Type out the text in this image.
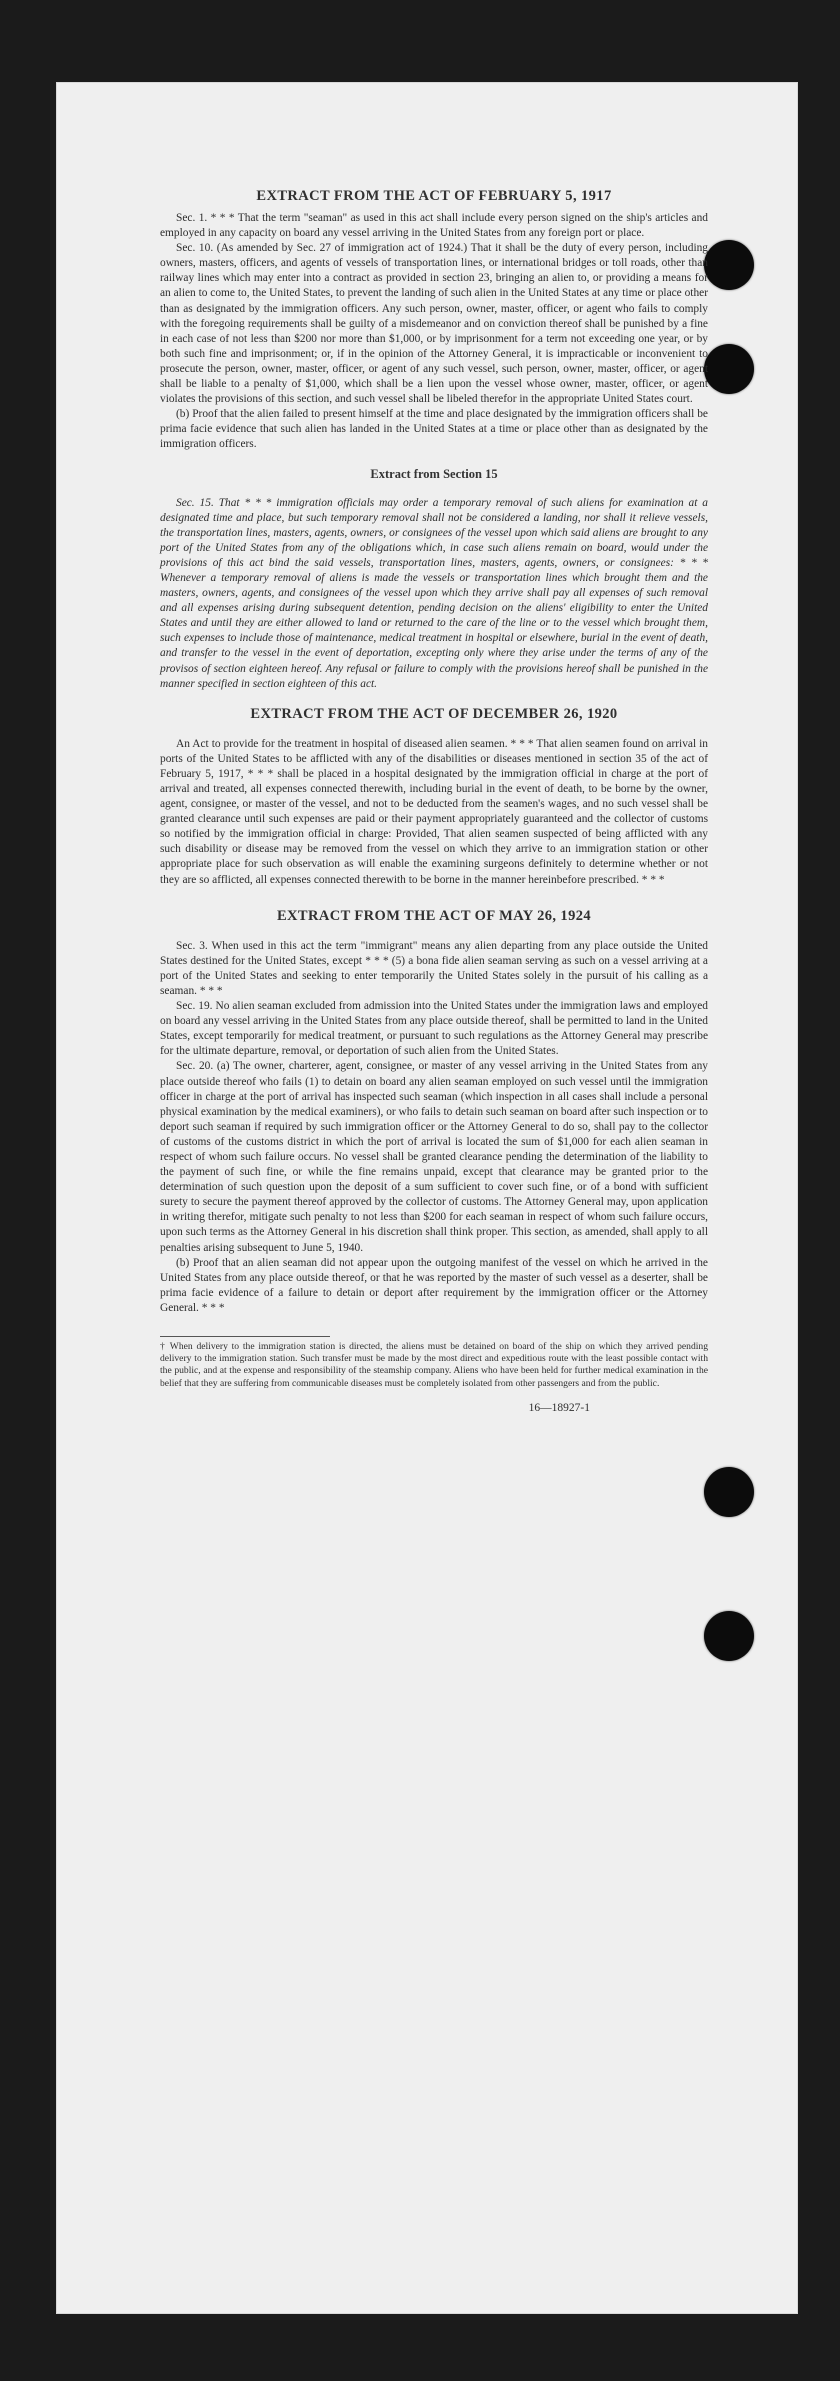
EXTRACT FROM THE ACT OF FEBRUARY 5, 1917

Sec. 1. * * * That the term "seaman" as used in this act shall include every person signed on the ship's articles and employed in any capacity on board any vessel arriving in the United States from any foreign port or place.

Sec. 10. (As amended by Sec. 27 of immigration act of 1924.) That it shall be the duty of every person, including owners, masters, officers, and agents of vessels of transportation lines, or international bridges or toll roads, other than railway lines which may enter into a contract as provided in section 23, bringing an alien to, or providing a means for an alien to come to, the United States, to prevent the landing of such alien in the United States at any time or place other than as designated by the immigration officers. Any such person, owner, master, officer, or agent who fails to comply with the foregoing requirements shall be guilty of a misdemeanor and on conviction thereof shall be punished by a fine in each case of not less than $200 nor more than $1,000, or by imprisonment for a term not exceeding one year, or by both such fine and imprisonment; or, if in the opinion of the Attorney General, it is impracticable or inconvenient to prosecute the person, owner, master, officer, or agent of any such vessel, such person, owner, master, officer, or agent shall be liable to a penalty of $1,000, which shall be a lien upon the vessel whose owner, master, officer, or agent violates the provisions of this section, and such vessel shall be libeled therefor in the appropriate United States court.

(b) Proof that the alien failed to present himself at the time and place designated by the immigration officers shall be prima facie evidence that such alien has landed in the United States at a time or place other than as designated by the immigration officers.

Extract from Section 15

Sec. 15. That * * * immigration officials may order a temporary removal of such aliens for examination at a designated time and place, but such temporary removal shall not be considered a landing, nor shall it relieve vessels, the transportation lines, masters, agents, owners, or consignees of the vessel upon which said aliens are brought to any port of the United States from any of the obligations which, in case such aliens remain on board, would under the provisions of this act bind the said vessels, transportation lines, masters, agents, owners, or consignees: * * * Whenever a temporary removal of aliens is made the vessels or transportation lines which brought them and the masters, owners, agents, and consignees of the vessel upon which they arrive shall pay all expenses of such removal and all expenses arising during subsequent detention, pending decision on the aliens' eligibility to enter the United States and until they are either allowed to land or returned to the care of the line or to the vessel which brought them, such expenses to include those of maintenance, medical treatment in hospital or elsewhere, burial in the event of death, and transfer to the vessel in the event of deportation, excepting only where they arise under the terms of any of the provisos of section eighteen hereof. Any refusal or failure to comply with the provisions hereof shall be punished in the manner specified in section eighteen of this act.

EXTRACT FROM THE ACT OF DECEMBER 26, 1920

An Act to provide for the treatment in hospital of diseased alien seamen. * * * That alien seamen found on arrival in ports of the United States to be afflicted with any of the disabilities or diseases mentioned in section 35 of the act of February 5, 1917, * * * shall be placed in a hospital designated by the immigration official in charge at the port of arrival and treated, all expenses connected therewith, including burial in the event of death, to be borne by the owner, agent, consignee, or master of the vessel, and not to be deducted from the seamen's wages, and no such vessel shall be granted clearance until such expenses are paid or their payment appropriately guaranteed and the collector of customs so notified by the immigration official in charge: Provided, That alien seamen suspected of being afflicted with any such disability or disease may be removed from the vessel on which they arrive to an immigration station or other appropriate place for such observation as will enable the examining surgeons definitely to determine whether or not they are so afflicted, all expenses connected therewith to be borne in the manner hereinbefore prescribed. * * *

EXTRACT FROM THE ACT OF MAY 26, 1924

Sec. 3. When used in this act the term "immigrant" means any alien departing from any place outside the United States destined for the United States, except * * * (5) a bona fide alien seaman serving as such on a vessel arriving at a port of the United States and seeking to enter temporarily the United States solely in the pursuit of his calling as a seaman. * * *

Sec. 19. No alien seaman excluded from admission into the United States under the immigration laws and employed on board any vessel arriving in the United States from any place outside thereof, shall be permitted to land in the United States, except temporarily for medical treatment, or pursuant to such regulations as the Attorney General may prescribe for the ultimate departure, removal, or deportation of such alien from the United States.

Sec. 20. (a) The owner, charterer, agent, consignee, or master of any vessel arriving in the United States from any place outside thereof who fails (1) to detain on board any alien seaman employed on such vessel until the immigration officer in charge at the port of arrival has inspected such seaman (which inspection in all cases shall include a personal physical examination by the medical examiners), or who fails to detain such seaman on board after such inspection or to deport such seaman if required by such immigration officer or the Attorney General to do so, shall pay to the collector of customs of the customs district in which the port of arrival is located the sum of $1,000 for each alien seaman in respect of whom such failure occurs. No vessel shall be granted clearance pending the determination of the liability to the payment of such fine, or while the fine remains unpaid, except that clearance may be granted prior to the determination of such question upon the deposit of a sum sufficient to cover such fine, or of a bond with sufficient surety to secure the payment thereof approved by the collector of customs. The Attorney General may, upon application in writing therefor, mitigate such penalty to not less than $200 for each seaman in respect of whom such failure occurs, upon such terms as the Attorney General in his discretion shall think proper. This section, as amended, shall apply to all penalties arising subsequent to June 5, 1940.

(b) Proof that an alien seaman did not appear upon the outgoing manifest of the vessel on which he arrived in the United States from any place outside thereof, or that he was reported by the master of such vessel as a deserter, shall be prima facie evidence of a failure to detain or deport after requirement by the immigration officer or the Attorney General. * * *

† When delivery to the immigration station is directed, the aliens must be detained on board of the ship on which they arrived pending delivery to the immigration station. Such transfer must be made by the most direct and expeditious route with the least possible contact with the public, and at the expense and responsibility of the steamship company. Aliens who have been held for further medical examination in the belief that they are suffering from communicable diseases must be completely isolated from other passengers and from the public.

16—18927-1
